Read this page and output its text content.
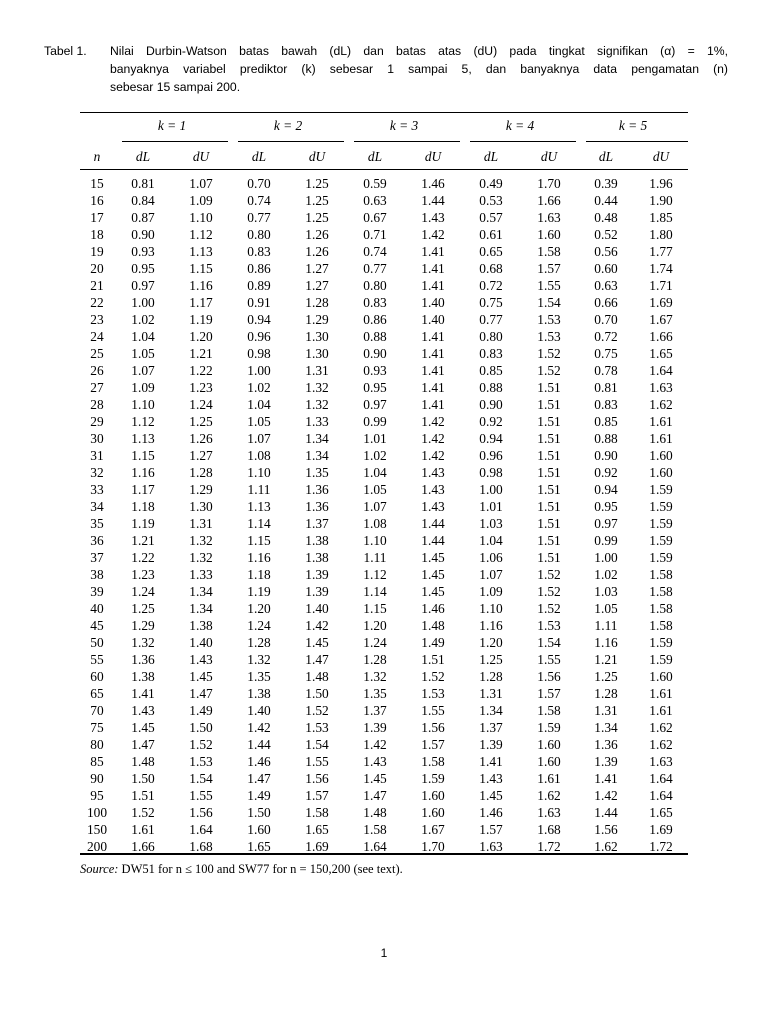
Tabel 1.	Nilai Durbin-Watson batas bawah (dL) dan batas atas (dU) pada tingkat signifikan (α) = 1%,
banyaknya variabel prediktor (k) sebesar 1 sampai 5, dan banyaknya data pengamatan (n)
sebesar 15 sampai 200.
	k = 1		k = 2		k = 3		k = 4		k = 5	
n	dL	dU	dL	dU	dL	dU	dL	dU	dL	dU
15	0.81	1.07	0.70	1.25	0.59	1.46	0.49	1.70	0.39	1.96
16	0.84	1.09	0.74	1.25	0.63	1.44	0.53	1.66	0.44	1.90
17	0.87	1.10	0.77	1.25	0.67	1.43	0.57	1.63	0.48	1.85
18	0.90	1.12	0.80	1.26	0.71	1.42	0.61	1.60	0.52	1.80
19	0.93	1.13	0.83	1.26	0.74	1.41	0.65	1.58	0.56	1.77
20	0.95	1.15	0.86	1.27	0.77	1.41	0.68	1.57	0.60	1.74
21	0.97	1.16	0.89	1.27	0.80	1.41	0.72	1.55	0.63	1.71
22	1.00	1.17	0.91	1.28	0.83	1.40	0.75	1.54	0.66	1.69
23	1.02	1.19	0.94	1.29	0.86	1.40	0.77	1.53	0.70	1.67
24	1.04	1.20	0.96	1.30	0.88	1.41	0.80	1.53	0.72	1.66
25	1.05	1.21	0.98	1.30	0.90	1.41	0.83	1.52	0.75	1.65
26	1.07	1.22	1.00	1.31	0.93	1.41	0.85	1.52	0.78	1.64
27	1.09	1.23	1.02	1.32	0.95	1.41	0.88	1.51	0.81	1.63
28	1.10	1.24	1.04	1.32	0.97	1.41	0.90	1.51	0.83	1.62
29	1.12	1.25	1.05	1.33	0.99	1.42	0.92	1.51	0.85	1.61
30	1.13	1.26	1.07	1.34	1.01	1.42	0.94	1.51	0.88	1.61
31	1.15	1.27	1.08	1.34	1.02	1.42	0.96	1.51	0.90	1.60
32	1.16	1.28	1.10	1.35	1.04	1.43	0.98	1.51	0.92	1.60
33	1.17	1.29	1.11	1.36	1.05	1.43	1.00	1.51	0.94	1.59
34	1.18	1.30	1.13	1.36	1.07	1.43	1.01	1.51	0.95	1.59
35	1.19	1.31	1.14	1.37	1.08	1.44	1.03	1.51	0.97	1.59
36	1.21	1.32	1.15	1.38	1.10	1.44	1.04	1.51	0.99	1.59
37	1.22	1.32	1.16	1.38	1.11	1.45	1.06	1.51	1.00	1.59
38	1.23	1.33	1.18	1.39	1.12	1.45	1.07	1.52	1.02	1.58
39	1.24	1.34	1.19	1.39	1.14	1.45	1.09	1.52	1.03	1.58
40	1.25	1.34	1.20	1.40	1.15	1.46	1.10	1.52	1.05	1.58
45	1.29	1.38	1.24	1.42	1.20	1.48	1.16	1.53	1.11	1.58
50	1.32	1.40	1.28	1.45	1.24	1.49	1.20	1.54	1.16	1.59
55	1.36	1.43	1.32	1.47	1.28	1.51	1.25	1.55	1.21	1.59
60	1.38	1.45	1.35	1.48	1.32	1.52	1.28	1.56	1.25	1.60
65	1.41	1.47	1.38	1.50	1.35	1.53	1.31	1.57	1.28	1.61
70	1.43	1.49	1.40	1.52	1.37	1.55	1.34	1.58	1.31	1.61
75	1.45	1.50	1.42	1.53	1.39	1.56	1.37	1.59	1.34	1.62
80	1.47	1.52	1.44	1.54	1.42	1.57	1.39	1.60	1.36	1.62
85	1.48	1.53	1.46	1.55	1.43	1.58	1.41	1.60	1.39	1.63
90	1.50	1.54	1.47	1.56	1.45	1.59	1.43	1.61	1.41	1.64
95	1.51	1.55	1.49	1.57	1.47	1.60	1.45	1.62	1.42	1.64
100	1.52	1.56	1.50	1.58	1.48	1.60	1.46	1.63	1.44	1.65
150	1.61	1.64	1.60	1.65	1.58	1.67	1.57	1.68	1.56	1.69
200	1.66	1.68	1.65	1.69	1.64	1.70	1.63	1.72	1.62	1.72
Source: DW51 for n ≤ 100 and SW77 for n = 150,200 (see text).
1
